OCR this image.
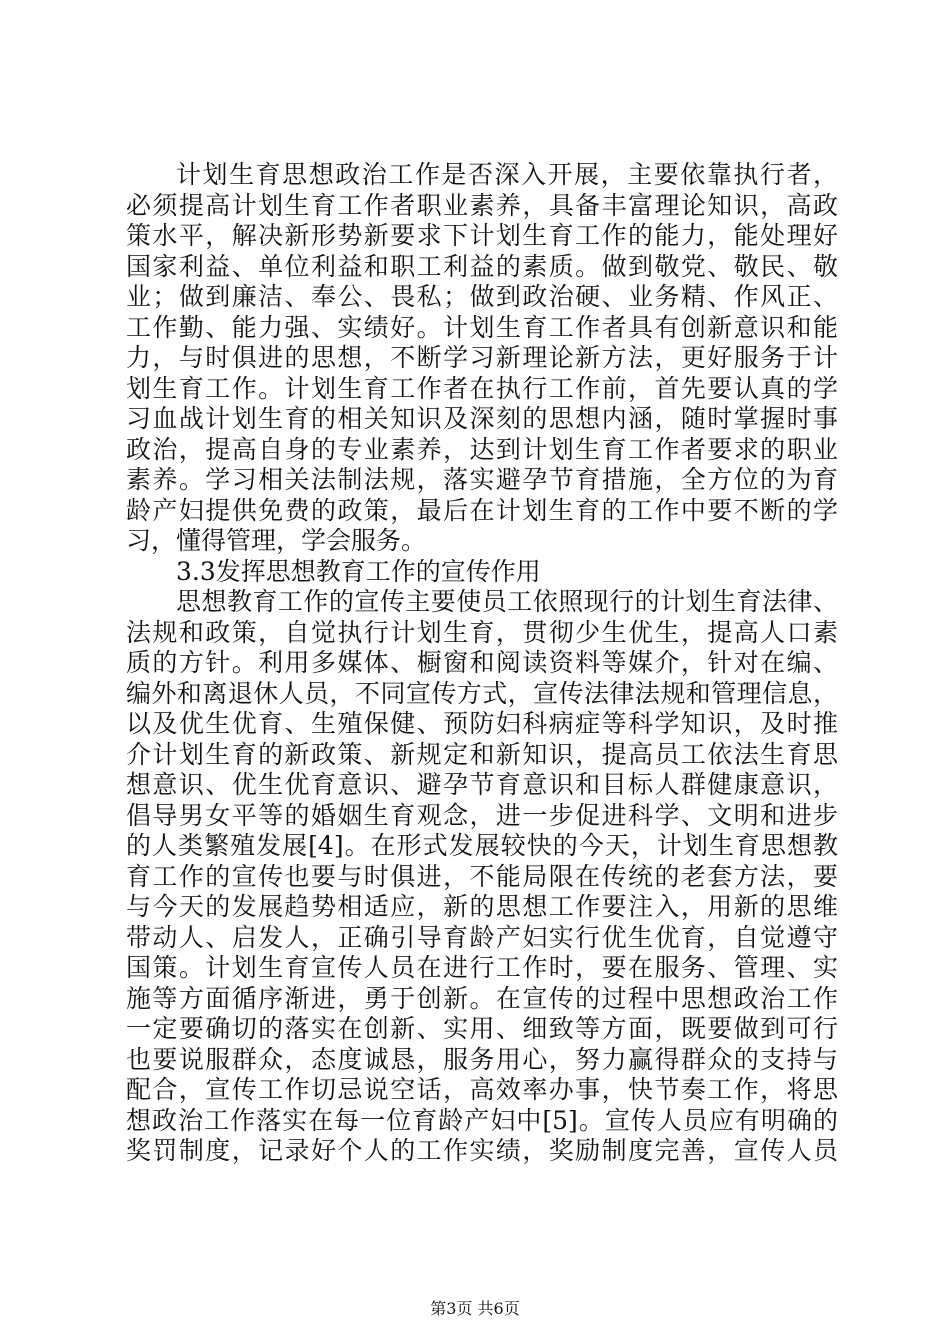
计划生育思想政治工作是否深入开展，主要依靠执行者，
必须提高计划生育工作者职业素养，具备丰富理论知识，高政
策水平，解决新形势新要求下计划生育工作的能力，能处理好
国家利益、单位利益和职工利益的素质。做到敬党、敬民、敬
业；做到廉洁、奉公、畏私；做到政治硬、业务精、作风正、
工作勤、能力强、实绩好。计划生育工作者具有创新意识和能
力，与时俱进的思想，不断学习新理论新方法，更好服务于计
划生育工作。计划生育工作者在执行工作前，首先要认真的学
习血战计划生育的相关知识及深刻的思想内涵，随时掌握时事
政治，提高自身的专业素养，达到计划生育工作者要求的职业
素养。学习相关法制法规，落实避孕节育措施，全方位的为育
龄产妇提供免费的政策，最后在计划生育的工作中要不断的学
习，懂得管理，学会服务。
3.3发挥思想教育工作的宣传作用
思想教育工作的宣传主要使员工依照现行的计划生育法律、
法规和政策，自觉执行计划生育，贯彻少生优生，提高人口素
质的方针。利用多媒体、橱窗和阅读资料等媒介，针对在编、
编外和离退休人员，不同宣传方式，宣传法律法规和管理信息，
以及优生优育、生殖保健、预防妇科病症等科学知识，及时推
介计划生育的新政策、新规定和新知识，提高员工依法生育思
想意识、优生优育意识、避孕节育意识和目标人群健康意识，
倡导男女平等的婚姻生育观念，进一步促进科学、文明和进步
的人类繁殖发展[4]。在形式发展较快的今天，计划生育思想教
育工作的宣传也要与时俱进，不能局限在传统的老套方法，要
与今天的发展趋势相适应，新的思想工作要注入，用新的思维
带动人、启发人，正确引导育龄产妇实行优生优育，自觉遵守
国策。计划生育宣传人员在进行工作时，要在服务、管理、实
施等方面循序渐进，勇于创新。在宣传的过程中思想政治工作
一定要确切的落实在创新、实用、细致等方面，既要做到可行
也要说服群众，态度诚恳，服务用心，努力赢得群众的支持与
配合，宣传工作切忌说空话，高效率办事，快节奏工作，将思
想政治工作落实在每一位育龄产妇中[5]。宣传人员应有明确的
奖罚制度，记录好个人的工作实绩，奖励制度完善，宣传人员
第3页 共6页
